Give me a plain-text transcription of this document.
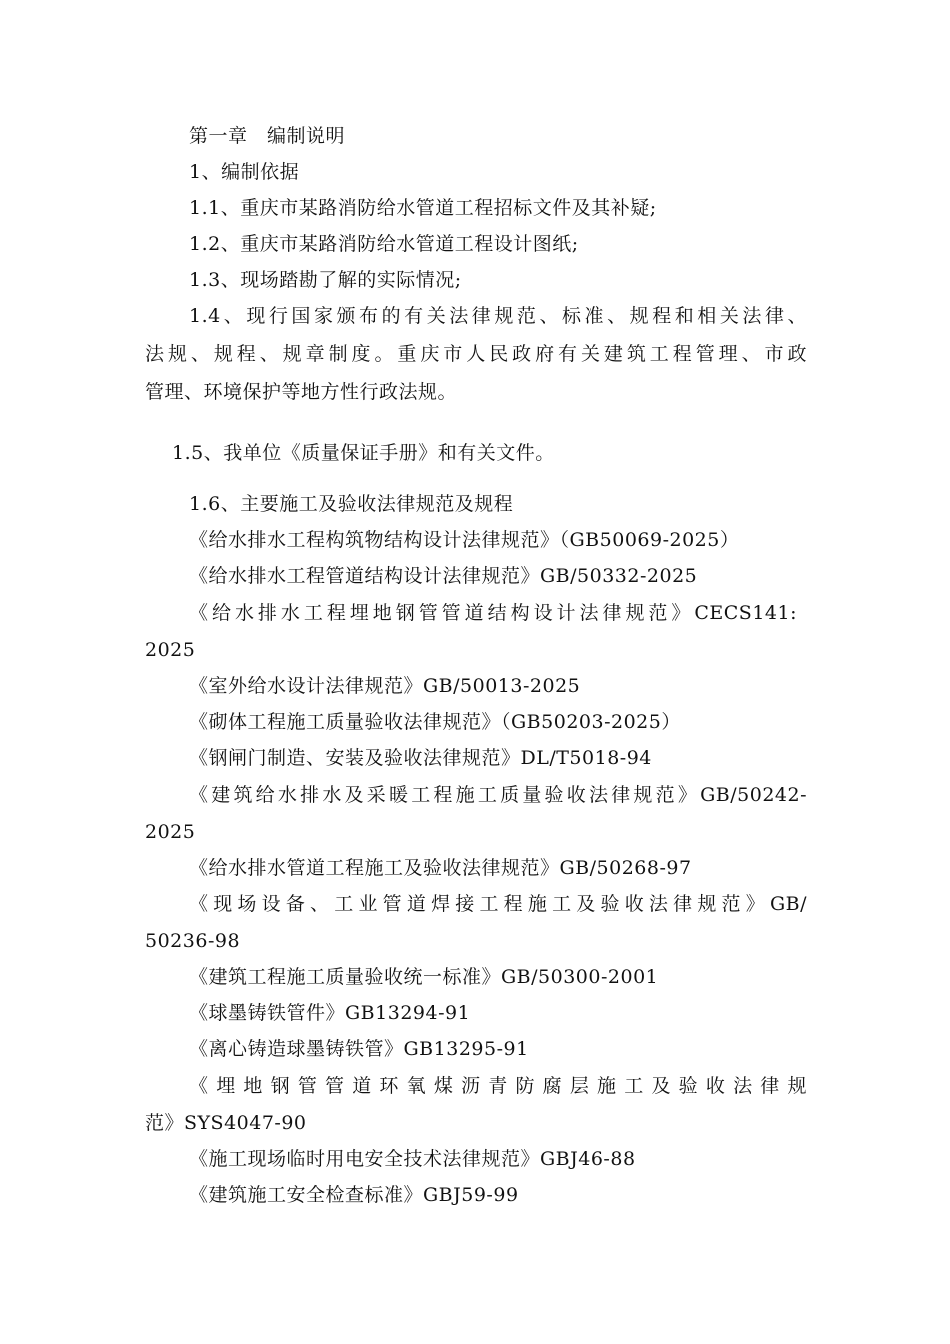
第一章　编制说明
1、编制依据
1.1、重庆市某路消防给水管道工程招标文件及其补疑;
1.2、重庆市某路消防给水管道工程设计图纸;
1.3、现场踏勘了解的实际情况;
1.4、现行国家颁布的有关法律规范、标准、规程和相关法律、
法规、规程、规章制度。重庆市人民政府有关建筑工程管理、市政
管理、环境保护等地方性行政法规。
1.5、我单位《质量保证手册》和有关文件。
1.6、主要施工及验收法律规范及规程
《给水排水工程构筑物结构设计法律规范》（GB50069-2025）
《给水排水工程管道结构设计法律规范》GB/50332-2025
《给水排水工程埋地钢管管道结构设计法律规范》CECS141:
2025
《室外给水设计法律规范》GB/50013-2025
《砌体工程施工质量验收法律规范》（GB50203-2025）
《钢闸门制造、安装及验收法律规范》DL/T5018-94
《建筑给水排水及采暖工程施工质量验收法律规范》GB/50242-
2025
《给水排水管道工程施工及验收法律规范》GB/50268-97
《现场设备、工业管道焊接工程施工及验收法律规范》GB/
50236-98
《建筑工程施工质量验收统一标准》GB/50300-2001
《球墨铸铁管件》GB13294-91
《离心铸造球墨铸铁管》GB13295-91
《埋地钢管管道环氧煤沥青防腐层施工及验收法律规
范》SYS4047-90
《施工现场临时用电安全技术法律规范》GBJ46-88
《建筑施工安全检查标准》GBJ59-99
